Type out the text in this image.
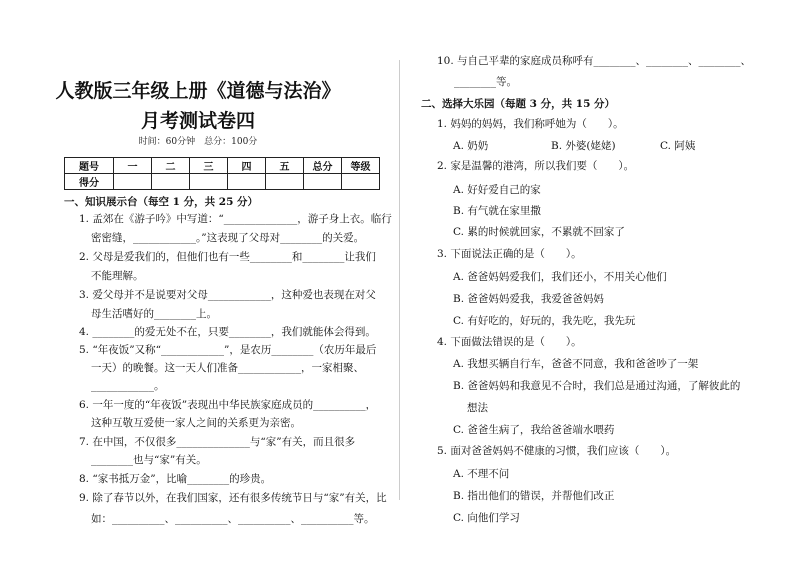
人教版三年级上册《道德与法治》
月考测试卷四
时间：60分钟　总分：100分
题号	一	二	三	四	五	总分	等级
得分							
一、知识展示台（每空 1 分，共 25 分）
1. 孟郊在《游子吟》中写道：“______________，游子身上衣。临行
密密缝，____________。”这表现了父母对________的关爱。
2. 父母是爱我们的，但他们也有一些________和________让我们
不能理解。
3. 爱父母并不是说要对父母____________，这种爱也表现在对父
母生活嗜好的________上。
4. ________的爱无处不在，只要________，我们就能体会得到。
5. “年夜饭”又称“____________”，是农历________（农历年最后
一天）的晚餐。这一天人们准备____________，一家相聚、
____________。
6. 一年一度的“年夜饭”表现出中华民族家庭成员的__________，
这种互敬互爱使一家人之间的关系更为亲密。
7. 在中国，不仅很多______________与“家”有关，而且很多
________也与“家”有关。
8. “家书抵万金”，比喻________的珍贵。
9. 除了春节以外，在我们国家，还有很多传统节日与“家”有关，比
如：__________、__________、__________、__________等。
10. 与自己平辈的家庭成员称呼有________、________、________、
________等。
二、选择大乐园（每题 3 分，共 15 分）
1. 妈妈的妈妈，我们称呼她为（　　）。
A. 奶奶	B. 外婆(姥姥)	C. 阿姨
2. 家是温馨的港湾，所以我们要（　　）。
A. 好好爱自己的家
B. 有气就在家里撒
C. 累的时候就回家，不累就不回家了
3. 下面说法正确的是（　　）。
A. 爸爸妈妈爱我们，我们还小，不用关心他们
B. 爸爸妈妈爱我，我爱爸爸妈妈
C. 有好吃的，好玩的，我先吃，我先玩
4. 下面做法错误的是（　　）。
A. 我想买辆自行车，爸爸不同意，我和爸爸吵了一架
B. 爸爸妈妈和我意见不合时，我们总是通过沟通，了解彼此的
想法
C. 爸爸生病了，我给爸爸端水喂药
5. 面对爸爸妈妈不健康的习惯，我们应该（　　）。
A. 不理不问
B. 指出他们的错误，并帮他们改正
C. 向他们学习
